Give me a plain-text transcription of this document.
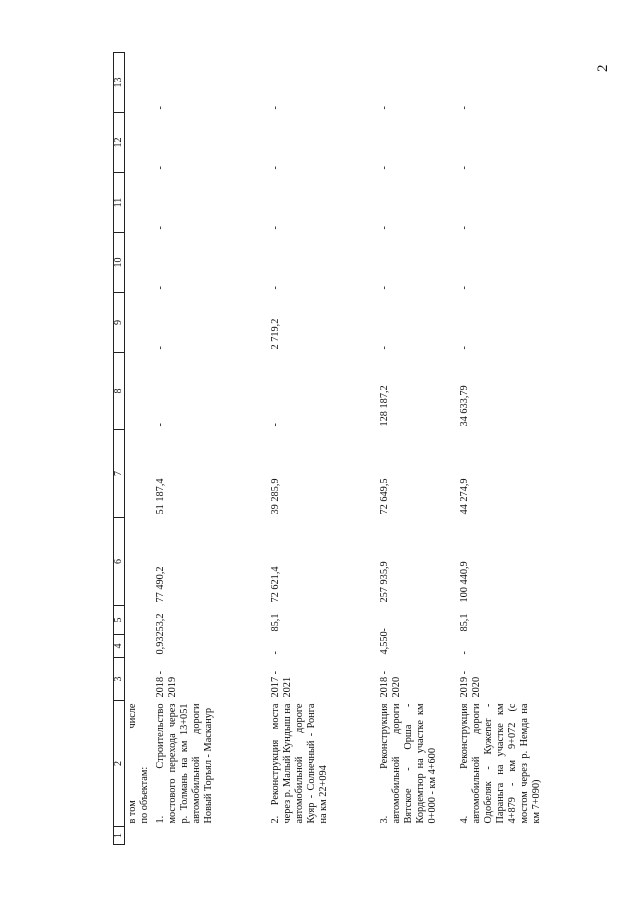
2
1	2	3	4	5	6	7	8	9	10	11	12	13

	в том
числе
по объектам:											

	1. Строительство мостового перехода через р. Толмань на км 13+051 автомобильной дороги Новый Торъял - Масканур	2018 - 2019	0,932	53,2	77 490,2	51 187,4	-	-	-	-	-	-
	2. Реконструкция моста через р. Малый Кундыш на автомобильной дороге Куяр - Солнечный - Ронга на км 22+094	2017 - 2021	-	85,1	72 621,4	39 285,9	-	2 719,2	-	-	-	-
	3. Реконструкция автомобильной дороги Вятское - Орша - Кордемтюр на участке км 0+000 - км 4+600	2018 - 2020	4,550	-	257 935,9	72 649,5	128 187,2	-	-	-	-	-
	4. Реконструкция автомобильной дороги Одобеляк - Кужener - Параньга на участке км 4+879 - км 9+072 (с мостом через р. Немда на км 7+090)	2019 - 2020	-	85,1	100 440,9	44 274,9	34 633,79	-	-	-	-	-
